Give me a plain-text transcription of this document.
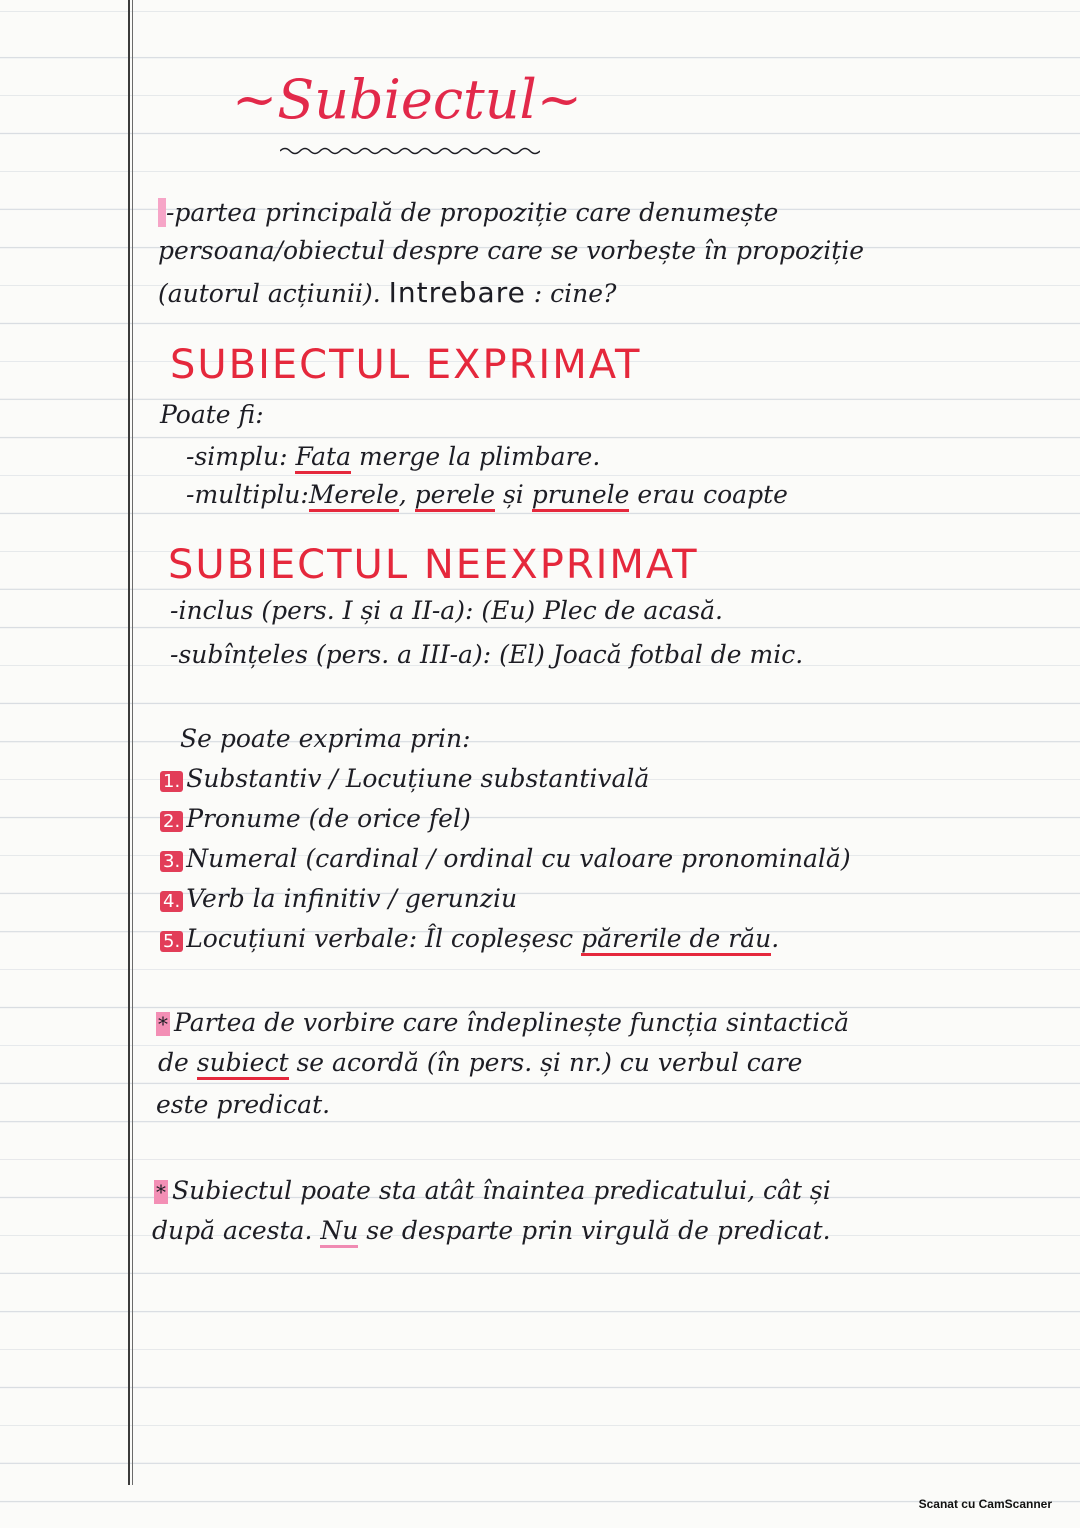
~Subiectul~
-partea principală de propoziție care denumește
persoana/obiectul despre care se vorbește în propoziție
(autorul acțiunii). Intrebare : cine?
SUBIECTUL EXPRIMAT
Poate fi:
-simplu: Fata merge la plimbare.
-multiplu:Merele, perele și prunele erau coapte
SUBIECTUL NEEXPRIMAT
-inclus (pers. I și a II-a): (Eu) Plec de acasă.
-subînțeles (pers. a III-a): (El) Joacă fotbal de mic.
Se poate exprima prin:
1. Substantiv / Locuțiune substantivală
2. Pronume (de orice fel)
3. Numeral (cardinal / ordinal cu valoare pronominală)
4. Verb la infinitiv / gerunziu
5. Locuțiuni verbale: Îl copleșesc părerile de rău.
* Partea de vorbire care îndeplinește funcția sintactică
de subiect se acordă (în pers. și nr.) cu verbul care
este predicat.
* Subiectul poate sta atât înaintea predicatului, cât și
după acesta. Nu se desparte prin virgulă de predicat.
Scanat cu CamScanner
